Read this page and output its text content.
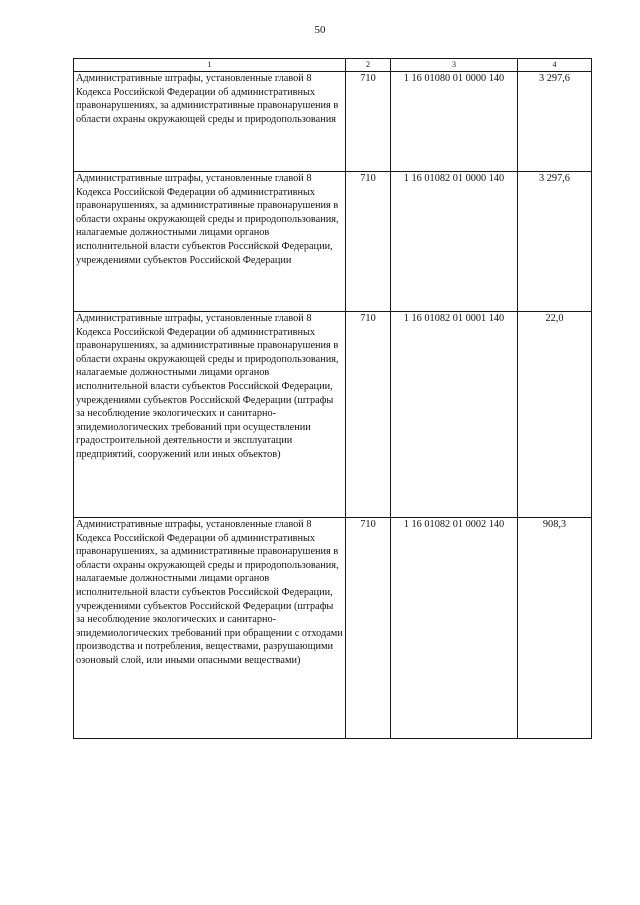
50
1	2	3	4
Административные штрафы, установленные главой 8 Кодекса Российской Федерации об административных правонарушениях, за административные правонарушения в области охраны окружающей среды и природопользования	710	1 16 01080 01 0000 140	3 297,6
Административные штрафы, установленные главой 8 Кодекса Российской Федерации об административных правонарушениях, за административные правонарушения в области охраны окружающей среды и природопользования, налагаемые должностными лицами органов исполнительной власти субъектов Российской Федерации, учреждениями субъектов Российской Федерации	710	1 16 01082 01 0000 140	3 297,6
Административные штрафы, установленные главой 8 Кодекса Российской Федерации об административных правонарушениях, за административные правонарушения в области охраны окружающей среды и природопользования, налагаемые должностными лицами органов исполнительной власти субъектов Российской Федерации, учреждениями субъектов Российской Федерации (штрафы за несоблюдение экологических и санитарно-эпидемиологических требований при осуществлении градостроительной деятельности и эксплуатации предприятий, сооружений или иных объектов)	710	1 16 01082 01 0001 140	22,0
Административные штрафы, установленные главой 8 Кодекса Российской Федерации об административных правонарушениях, за административные правонарушения в области охраны окружающей среды и природопользования, налагаемые должностными лицами органов исполнительной власти субъектов Российской Федерации, учреждениями субъектов Российской Федерации (штрафы за несоблюдение экологических и санитарно-эпидемиологических требований при обращении с отходами производства и потребления, веществами, разрушающими озоновый слой, или иными опасными веществами)	710	1 16 01082 01 0002 140	908,3
